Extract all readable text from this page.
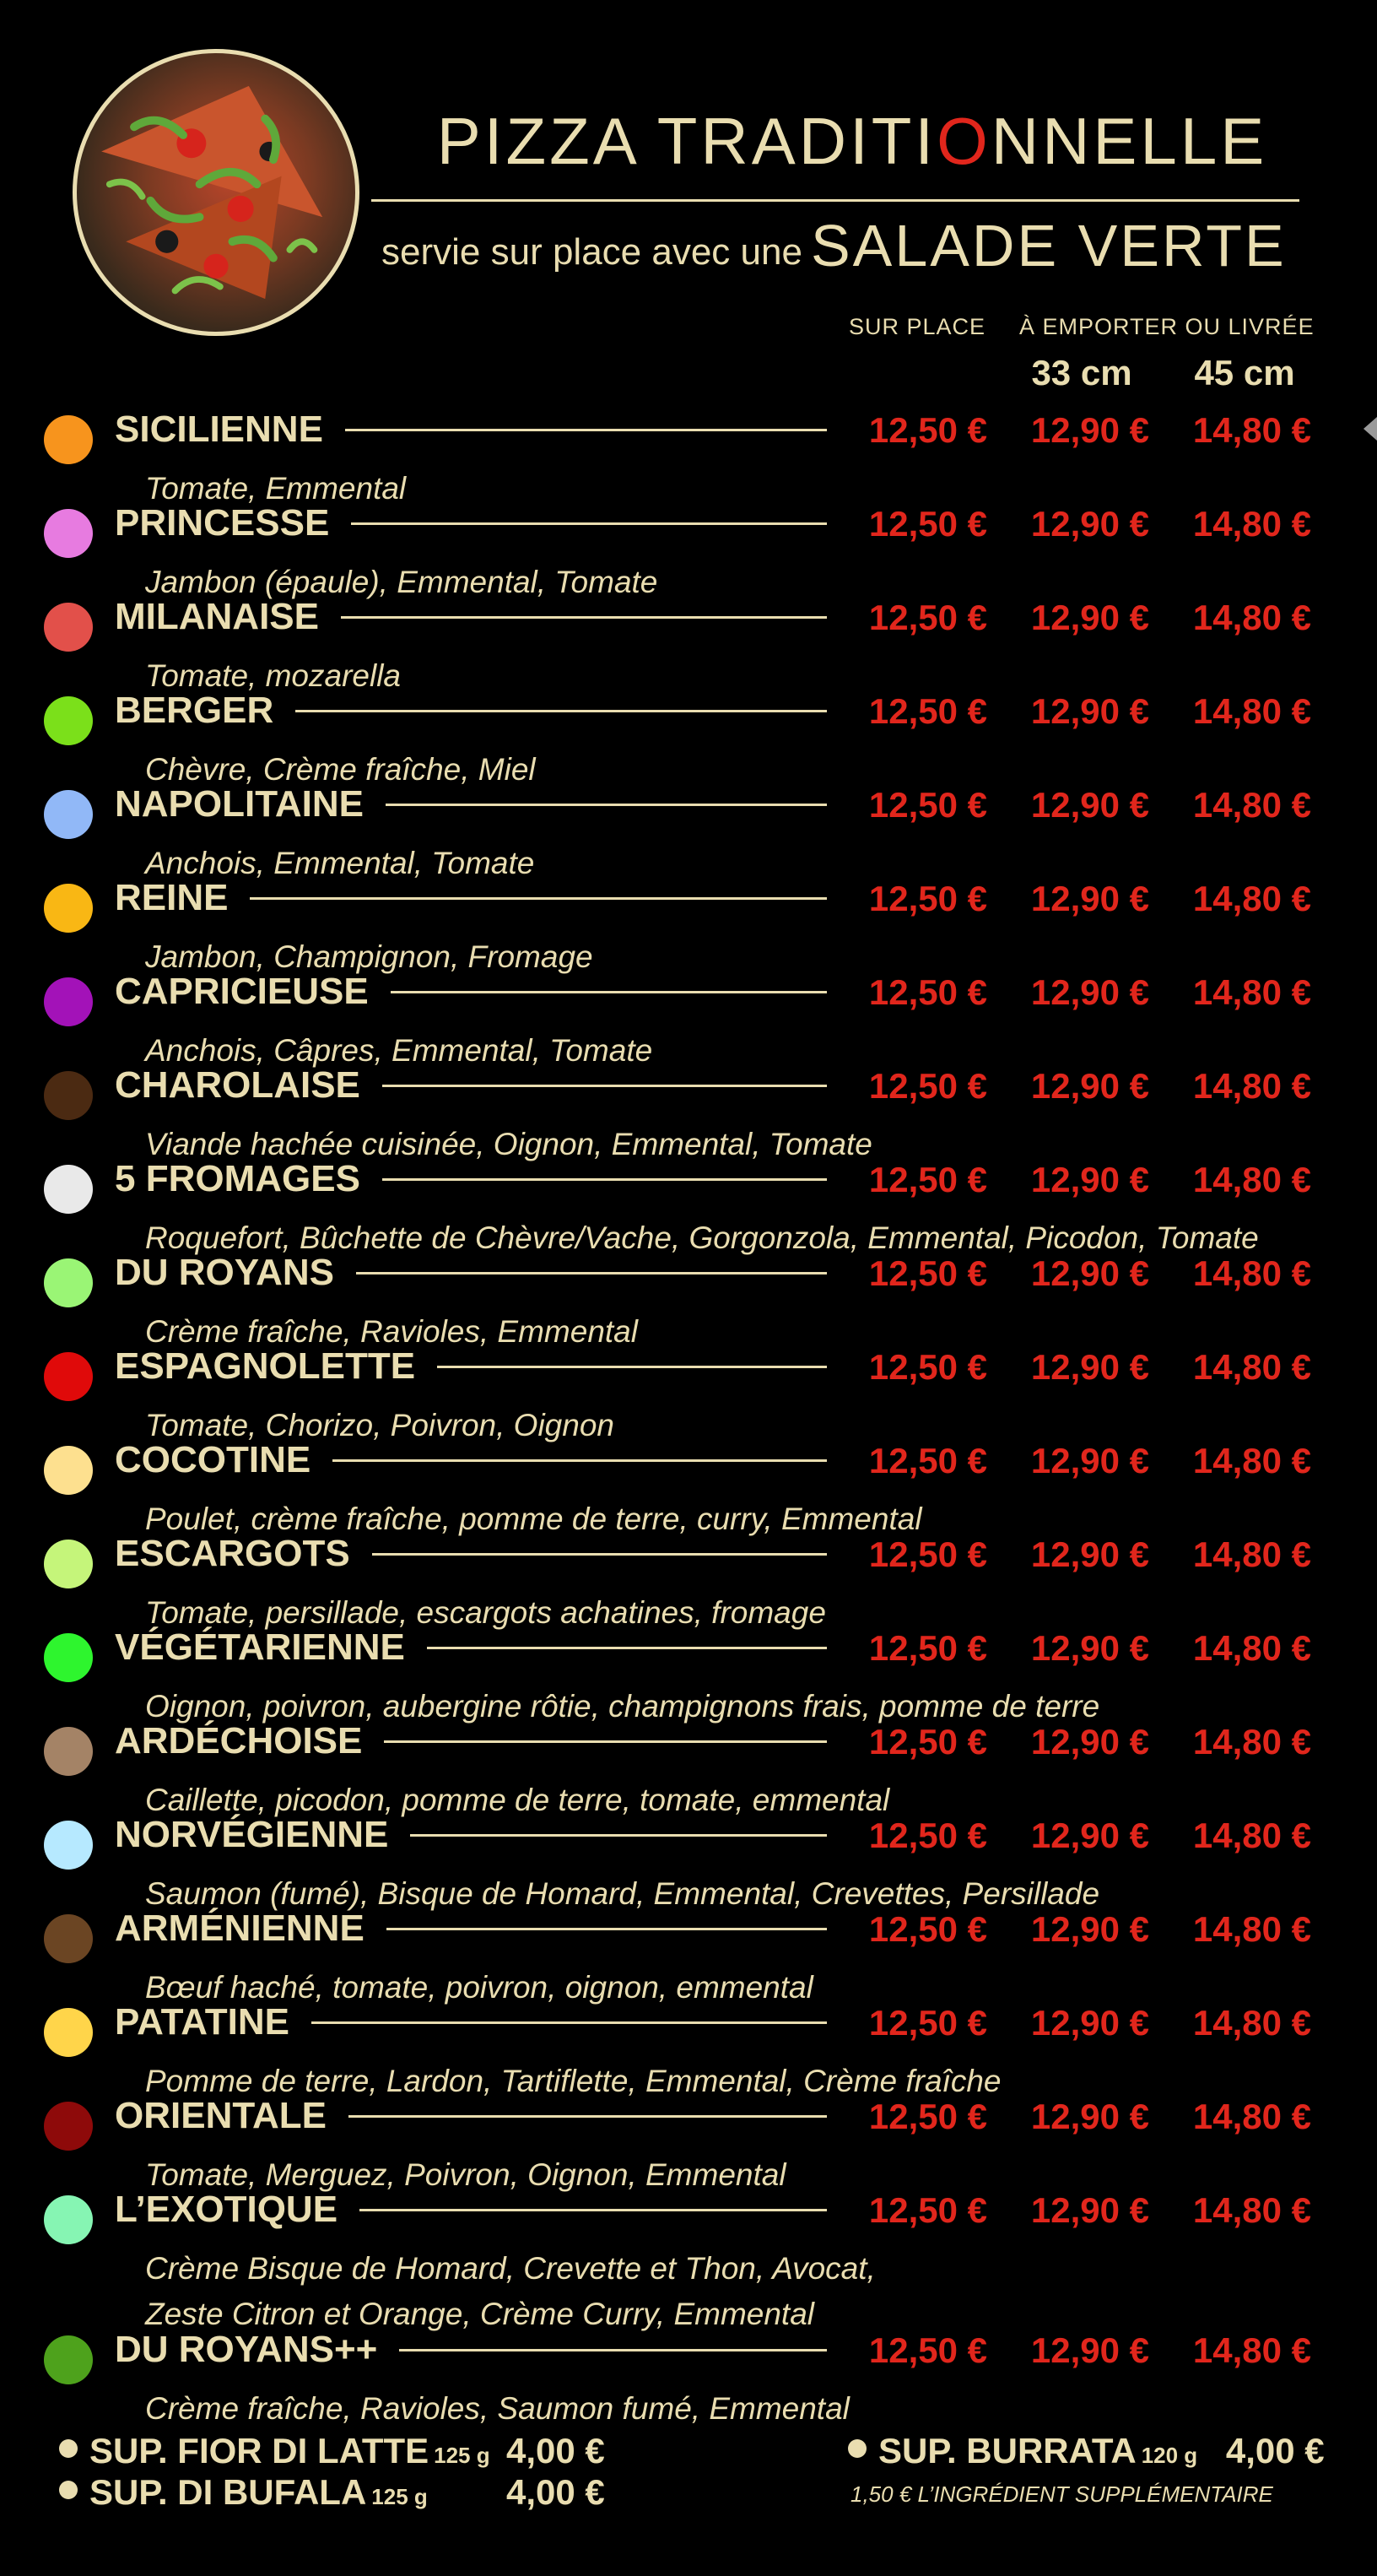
PIZZA TRADITIONNELLE
servie sur place avec une SALADE VERTE
SUR PLACE À EMPORTER OU LIVRÉE
33 cm	45 cm
SICILIENNE	12,50 €	12,90 €	14,80 €
Tomate, Emmental
PRINCESSE	12,50 €	12,90 €	14,80 €
Jambon (épaule), Emmental, Tomate
MILANAISE	12,50 €	12,90 €	14,80 €
Tomate, mozarella
BERGER	12,50 €	12,90 €	14,80 €
Chèvre, Crème fraîche, Miel
NAPOLITAINE	12,50 €	12,90 €	14,80 €
Anchois, Emmental, Tomate
REINE	12,50 €	12,90 €	14,80 €
Jambon, Champignon, Fromage
CAPRICIEUSE	12,50 €	12,90 €	14,80 €
Anchois, Câpres, Emmental, Tomate
CHAROLAISE	12,50 €	12,90 €	14,80 €
Viande hachée cuisinée, Oignon, Emmental, Tomate
5 FROMAGES	12,50 €	12,90 €	14,80 €
Roquefort, Bûchette de Chèvre/Vache, Gorgonzola, Emmental, Picodon, Tomate
DU ROYANS	12,50 €	12,90 €	14,80 €
Crème fraîche, Ravioles, Emmental
ESPAGNOLETTE	12,50 €	12,90 €	14,80 €
Tomate, Chorizo, Poivron, Oignon
COCOTINE	12,50 €	12,90 €	14,80 €
Poulet, crème fraîche, pomme de terre, curry, Emmental
ESCARGOTS	12,50 €	12,90 €	14,80 €
Tomate, persillade, escargots achatines, fromage
VÉGÉTARIENNE	12,50 €	12,90 €	14,80 €
Oignon, poivron, aubergine rôtie, champignons frais, pomme de terre
ARDÉCHOISE	12,50 €	12,90 €	14,80 €
Caillette, picodon, pomme de terre, tomate, emmental
NORVÉGIENNE	12,50 €	12,90 €	14,80 €
Saumon (fumé), Bisque de Homard, Emmental, Crevettes, Persillade
ARMÉNIENNE	12,50 €	12,90 €	14,80 €
Bœuf haché, tomate, poivron, oignon, emmental
PATATINE	12,50 €	12,90 €	14,80 €
Pomme de terre, Lardon, Tartiflette, Emmental, Crème fraîche
ORIENTALE	12,50 €	12,90 €	14,80 €
Tomate, Merguez, Poivron, Oignon, Emmental
L’EXOTIQUE	12,50 €	12,90 €	14,80 €
Crème Bisque de Homard, Crevette et Thon, Avocat,
Zeste Citron et Orange, Crème Curry, Emmental
DU ROYANS++	12,50 €	12,90 €	14,80 €
Crème fraîche, Ravioles, Saumon fumé, Emmental
SUP. FIOR DI LATTE 125 g 4,00 €
SUP. DI BUFALA 125 g 4,00 €
SUP. BURRATA 120 g 4,00 €
1,50 € L’INGRÉDIENT SUPPLÉMENTAIRE
